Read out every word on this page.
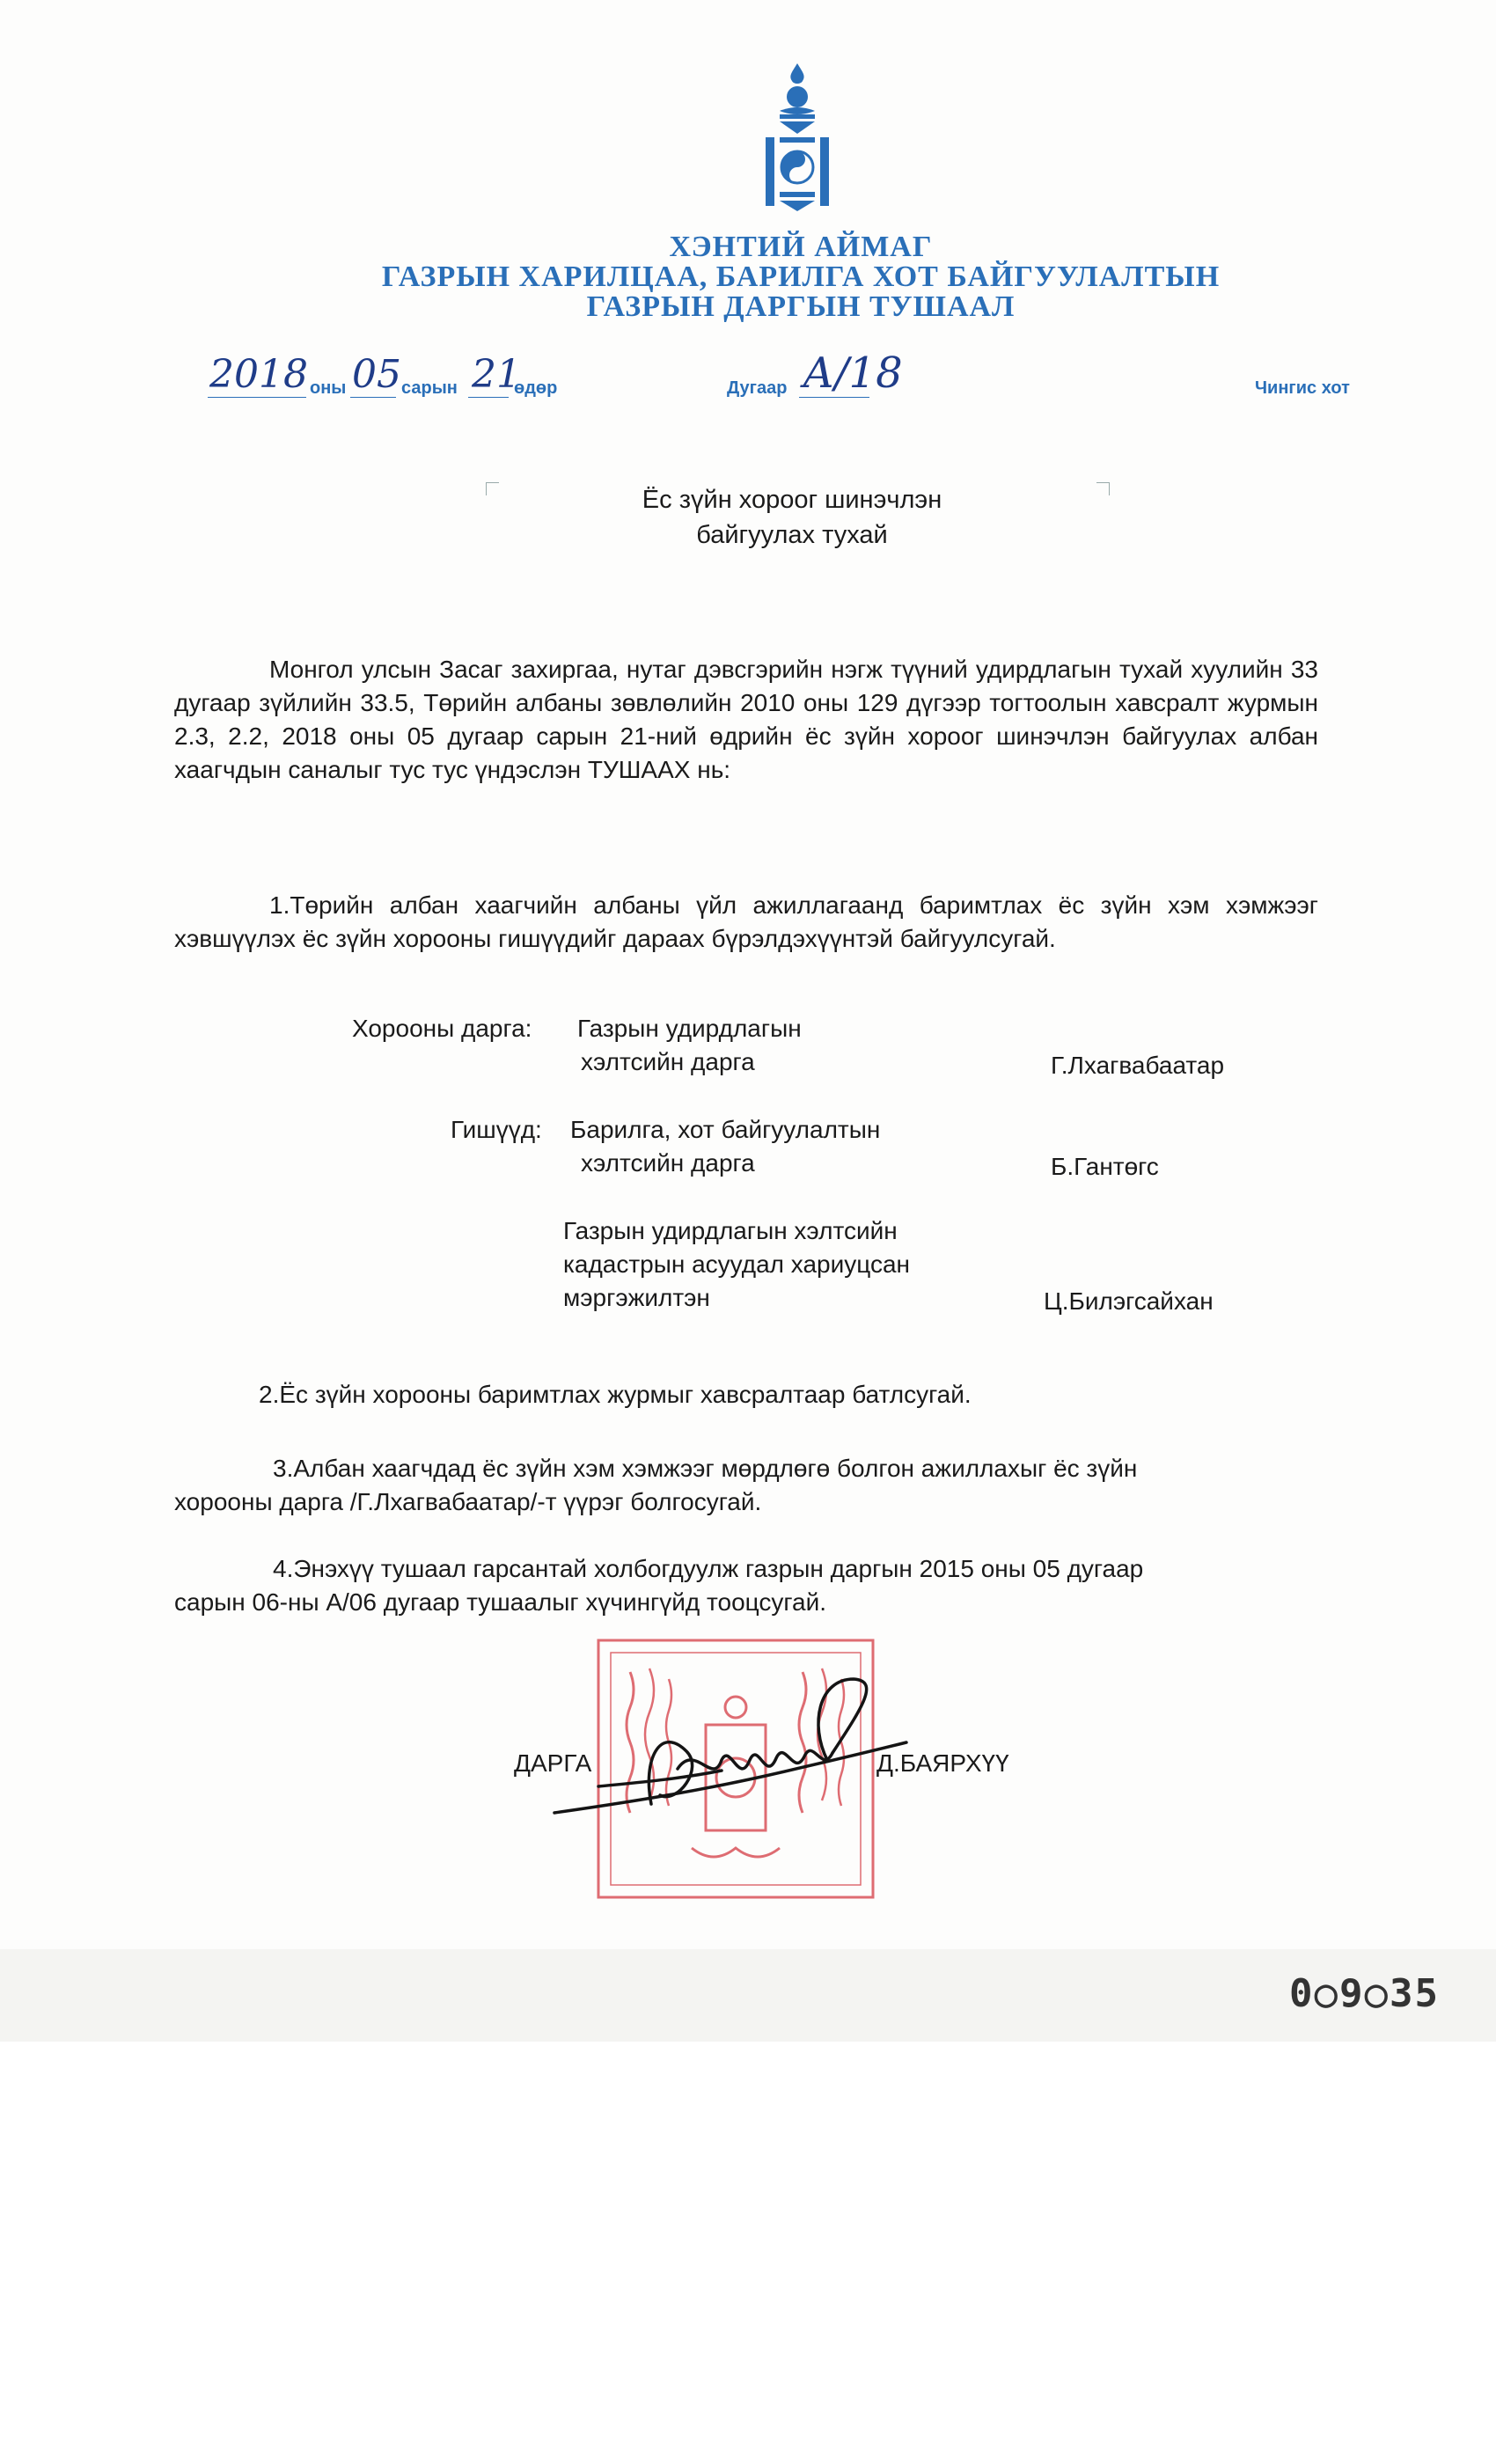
ХЭНТИЙ АЙМАГ
ГАЗРЫН ХАРИЛЦАА, БАРИЛГА ХОТ БАЙГУУЛАЛТЫН
ГАЗРЫН ДАРГЫН ТУШААЛ
2018 оны 05 сарын 21
өдөр	Дугаар А/18	Чингис хот
Ёс зүйн хороог шинэчлэн
байгуулах тухай
Монгол улсын Засаг захиргаа, нутаг дэвсгэрийн нэгж түүний удирдлагын тухай хуулийн 33 дугаар зүйлийн 33.5, Төрийн албаны зөвлөлийн 2010 оны 129 дүгээр тогтоолын хавсралт журмын 2.3, 2.2, 2018 оны 05 дугаар сарын 21-ний өдрийн ёс зүйн хороог шинэчлэн байгуулах албан хаагчдын саналыг тус тус үндэслэн ТУШААХ нь:
1.Төрийн албан хаагчийн албаны үйл ажиллагаанд баримтлах ёс зүйн хэм хэмжээг хэвшүүлэх ёс зүйн хорооны гишүүдийг дараах бүрэлдэхүүнтэй байгуулсугай.
Хорооны дарга: Газрын удирдлагын
хэлтсийн дарга	Г.Лхагвабаатар
Гишүүд: Барилга, хот байгуулалтын
хэлтсийн дарга	Б.Гантөгс
Газрын удирдлагын хэлтсийн
кадастрын асуудал хариуцсан
мэргэжилтэн	Ц.Билэгсайхан
2.Ёс зүйн хорооны баримтлах журмыг хавсралтаар батлсугай.
3.Албан хаагчдад ёс зүйн хэм хэмжээг мөрдлөгө болгон ажиллахыг ёс зүйн
хорооны дарга /Г.Лхагвабаатар/-т үүрэг болгосугай.
4.Энэхүү тушаал гарсантай холбогдуулж газрын даргын 2015 оны 05 дугаар
сарын 06-ны А/06 дугаар тушаалыг хүчингүйд тооцсугай.
ДАРГА	Д.БАЯРХҮҮ
0○9○35
